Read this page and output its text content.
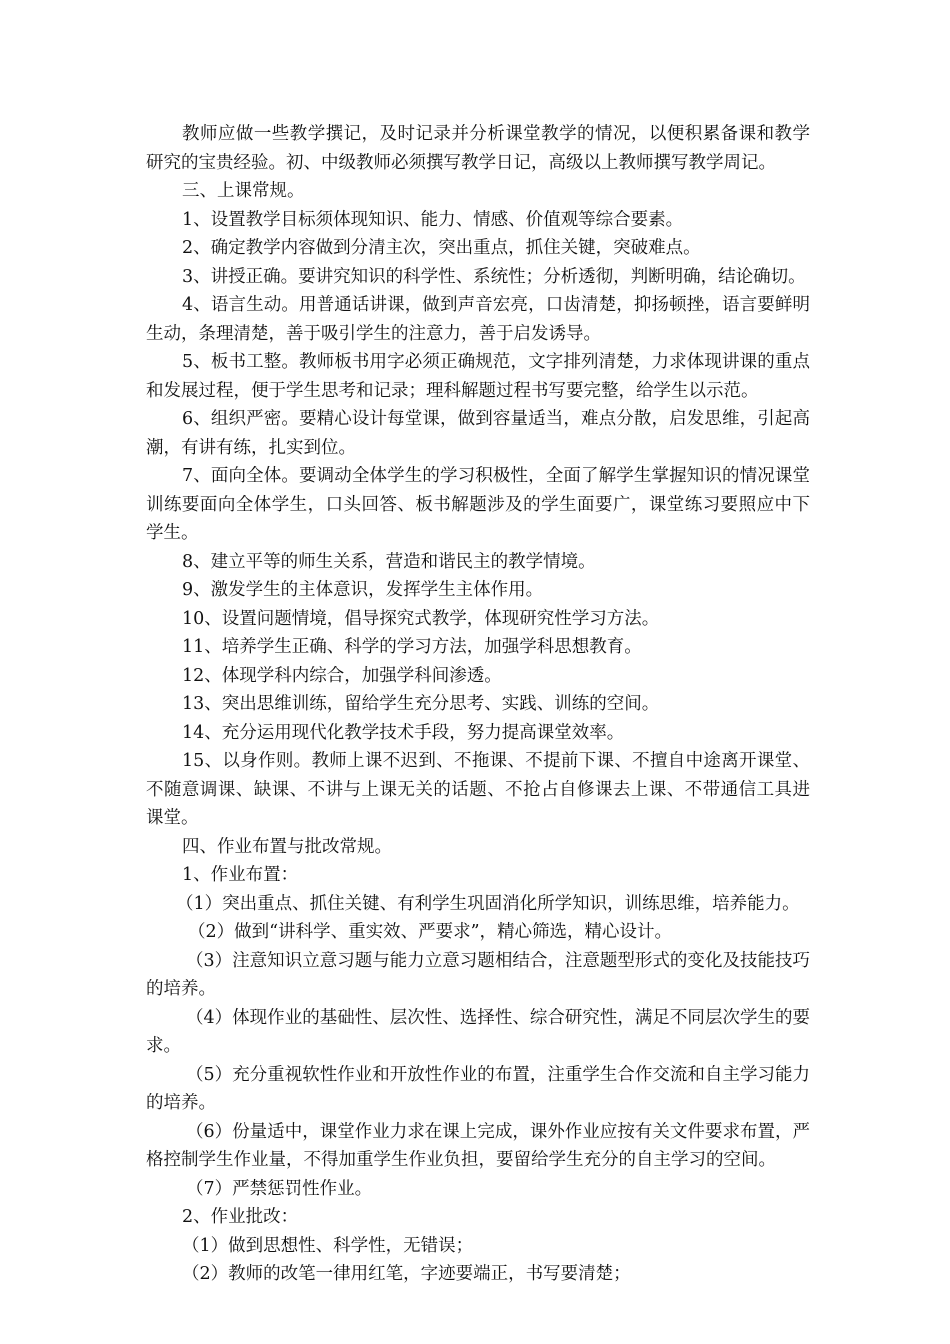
教师应做一些教学撰记，及时记录并分析课堂教学的情况，以便积累备课和教学研究的宝贵经验。初、中级教师必须撰写教学日记，高级以上教师撰写教学周记。

三、上课常规。

1、设置教学目标须体现知识、能力、情感、价值观等综合要素。

2、确定教学内容做到分清主次，突出重点，抓住关键，突破难点。

3、讲授正确。要讲究知识的科学性、系统性；分析透彻，判断明确，结论确切。

4、语言生动。用普通话讲课，做到声音宏亮，口齿清楚，抑扬顿挫，语言要鲜明生动，条理清楚，善于吸引学生的注意力，善于启发诱导。

5、板书工整。教师板书用字必须正确规范，文字排列清楚，力求体现讲课的重点和发展过程，便于学生思考和记录；理科解题过程书写要完整，给学生以示范。

6、组织严密。要精心设计每堂课，做到容量适当，难点分散，启发思维，引起高潮，有讲有练，扎实到位。

7、面向全体。要调动全体学生的学习积极性，全面了解学生掌握知识的情况课堂训练要面向全体学生，口头回答、板书解题涉及的学生面要广，课堂练习要照应中下学生。

8、建立平等的师生关系，营造和谐民主的教学情境。

9、激发学生的主体意识，发挥学生主体作用。

10、设置问题情境，倡导探究式教学，体现研究性学习方法。

11、培养学生正确、科学的学习方法，加强学科思想教育。

12、体现学科内综合，加强学科间渗透。

13、突出思维训练，留给学生充分思考、实践、训练的空间。

14、充分运用现代化教学技术手段，努力提高课堂效率。

15、以身作则。教师上课不迟到、不拖课、不提前下课、不擅自中途离开课堂、不随意调课、缺课、不讲与上课无关的话题、不抢占自修课去上课、不带通信工具进课堂。

四、作业布置与批改常规。

1、作业布置：

（1）突出重点、抓住关键、有利学生巩固消化所学知识，训练思维，培养能力。

（2）做到“讲科学、重实效、严要求”，精心筛选，精心设计。

（3）注意知识立意习题与能力立意习题相结合，注意题型形式的变化及技能技巧的培养。

（4）体现作业的基础性、层次性、选择性、综合研究性，满足不同层次学生的要求。

（5）充分重视软性作业和开放性作业的布置，注重学生合作交流和自主学习能力的培养。

（6）份量适中，课堂作业力求在课上完成，课外作业应按有关文件要求布置，严格控制学生作业量，不得加重学生作业负担，要留给学生充分的自主学习的空间。

（7）严禁惩罚性作业。

2、作业批改：

（1）做到思想性、科学性，无错误；

（2）教师的改笔一律用红笔，字迹要端正，书写要清楚；
